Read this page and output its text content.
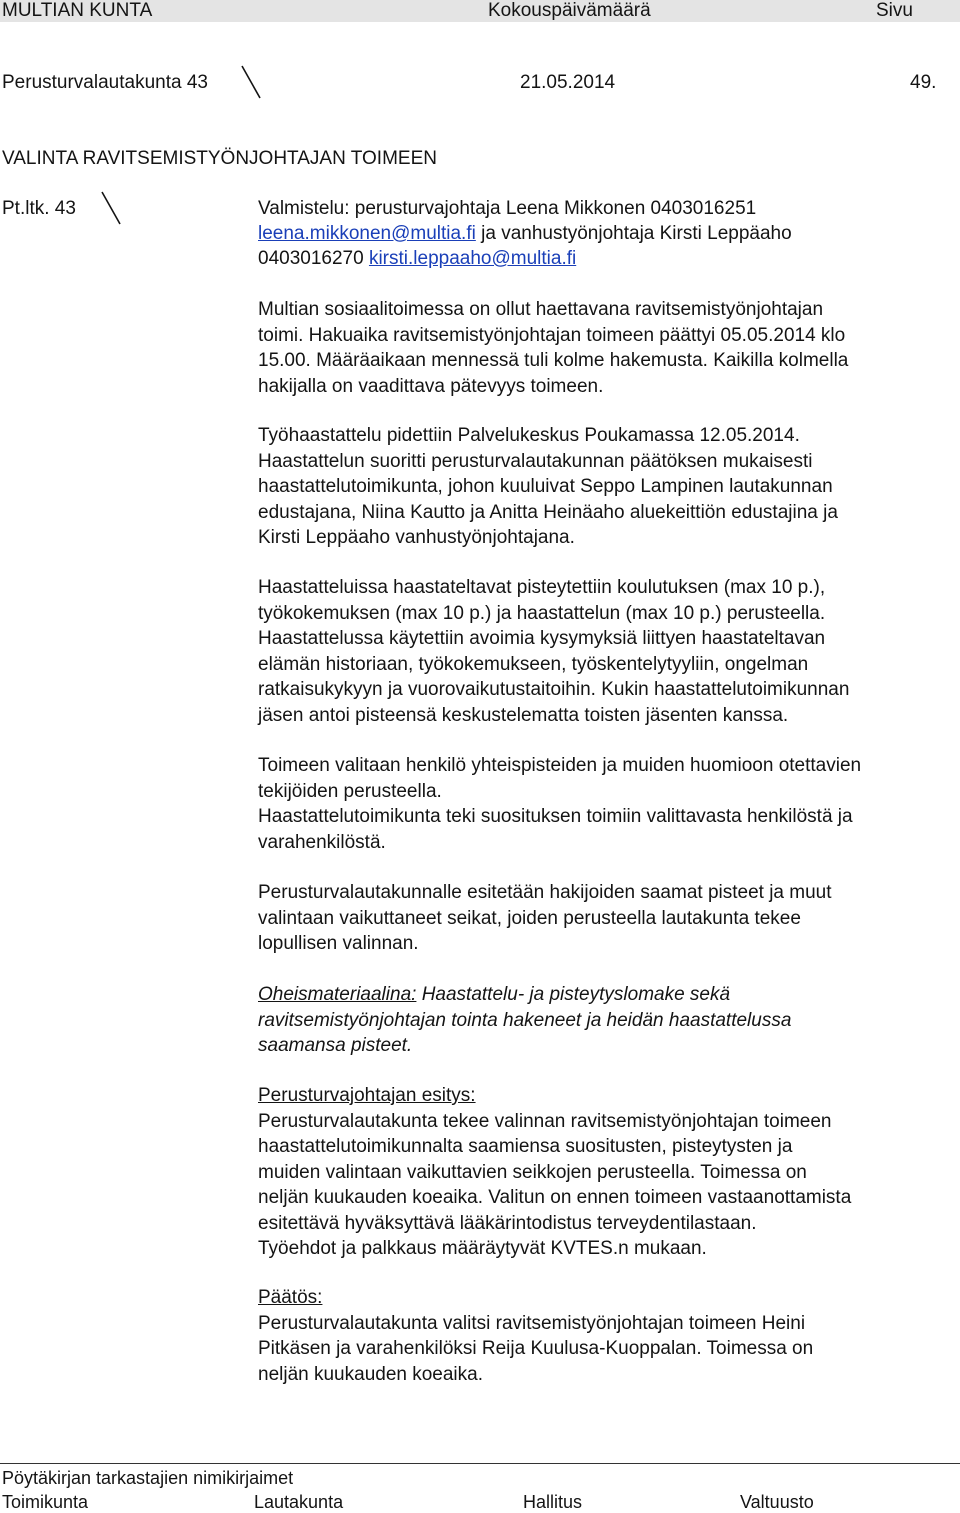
MULTIAN KUNTA	Kokouspäivämäärä	Sivu
Perusturvalautakunta 43	21.05.2014	49.
VALINTA RAVITSEMISTYÖNJOHTAJAN TOIMEEN
Pt.ltk. 43	Valmistelu: perusturvajohtaja Leena Mikkonen 0403016251
leena.mikkonen@multia.fi ja vanhustyönjohtaja Kirsti Leppäaho
0403016270 kirsti.leppaaho@multia.fi
Multian sosiaalitoimessa on ollut haettavana ravitsemistyönjohtajan
toimi. Hakuaika ravitsemistyönjohtajan toimeen päättyi 05.05.2014 klo
15.00. Määräaikaan mennessä tuli kolme hakemusta. Kaikilla kolmella
hakijalla on vaadittava pätevyys toimeen.
Työhaastattelu pidettiin Palvelukeskus Poukamassa 12.05.2014.
Haastattelun suoritti perusturvalautakunnan päätöksen mukaisesti
haastattelutoimikunta, johon kuuluivat Seppo Lampinen lautakunnan
edustajana, Niina Kautto ja Anitta Heinäaho aluekeittiön edustajina ja
Kirsti Leppäaho vanhustyönjohtajana.
Haastatteluissa haastateltavat pisteytettiin koulutuksen (max 10 p.),
työkokemuksen (max 10 p.) ja haastattelun (max 10 p.) perusteella.
Haastattelussa käytettiin avoimia kysymyksiä liittyen haastateltavan
elämän historiaan, työkokemukseen, työskentelytyyliin, ongelman
ratkaisukykyyn ja vuorovaikutustaitoihin. Kukin haastattelutoimikunnan
jäsen antoi pisteensä keskustelematta toisten jäsenten kanssa.
Toimeen valitaan henkilö yhteispisteiden ja muiden huomioon otettavien
tekijöiden perusteella.
Haastattelutoimikunta teki suosituksen toimiin valittavasta henkilöstä ja
varahenkilöstä.
Perusturvalautakunnalle esitetään hakijoiden saamat pisteet ja muut
valintaan vaikuttaneet seikat, joiden perusteella lautakunta tekee
lopullisen valinnan.
Oheismateriaalina: Haastattelu- ja pisteytyslomake sekä
ravitsemistyönjohtajan tointa hakeneet ja heidän haastattelussa
saamansa pisteet.
Perusturvajohtajan esitys:
Perusturvalautakunta tekee valinnan ravitsemistyönjohtajan toimeen
haastattelutoimikunnalta saamiensa suositusten, pisteytysten ja
muiden valintaan vaikuttavien seikkojen perusteella. Toimessa on
neljän kuukauden koeaika. Valitun on ennen toimeen vastaanottamista
esitettävä hyväksyttävä lääkärintodistus terveydentilastaan.
Työehdot ja palkkaus määräytyvät KVTES.n mukaan.
Päätös:
Perusturvalautakunta valitsi ravitsemistyönjohtajan toimeen Heini
Pitkäsen ja varahenkilöksi Reija Kuulusa-Kuoppalan. Toimessa on
neljän kuukauden koeaika.
Pöytäkirjan tarkastajien nimikirjaimet
Toimikunta	Lautakunta	Hallitus	Valtuusto
